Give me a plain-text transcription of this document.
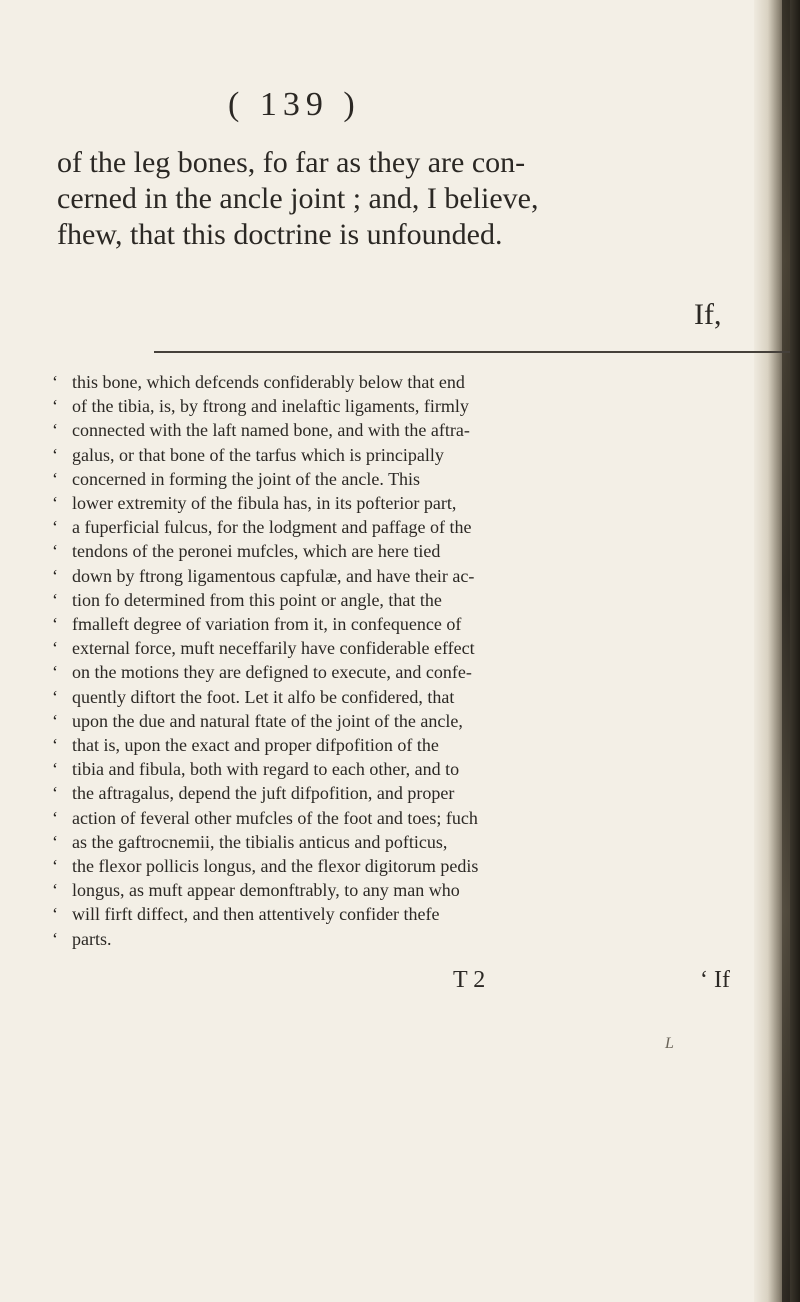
( 139 )
of the leg bones, fo far as they are con-
cerned in the ancle joint ; and, I believe,
fhew, that this doctrine is unfounded.
If,
‘ this bone, which defcends confiderably below that end
‘ of the tibia, is, by ftrong and inelaftic ligaments, firmly
‘ connected with the laft named bone, and with the aftra-
‘ galus, or that bone of the tarfus which is principally
‘ concerned in forming the joint of the ancle. This
‘ lower extremity of the fibula has, in its pofterior part,
‘ a fuperficial fulcus, for the lodgment and paffage of the
‘ tendons of the peronei mufcles, which are here tied
‘ down by ftrong ligamentous capfulæ, and have their ac-
‘ tion fo determined from this point or angle, that the
‘ fmalleft degree of variation from it, in confequence of
‘ external force, muft neceffarily have confiderable effect
‘ on the motions they are defigned to execute, and confe-
‘ quently diftort the foot. Let it alfo be confidered, that
‘ upon the due and natural ftate of the joint of the ancle,
‘ that is, upon the exact and proper difpofition of the
‘ tibia and fibula, both with regard to each other, and to
‘ the aftragalus, depend the juft difpofition, and proper
‘ action of feveral other mufcles of the foot and toes; fuch
‘ as the gaftrocnemii, the tibialis anticus and pofticus,
‘ the flexor pollicis longus, and the flexor digitorum pedis
‘ longus, as muft appear demonftrably, to any man who
‘ will firft diffect, and then attentively confider thefe
‘ parts.
T 2	‘ If
L
